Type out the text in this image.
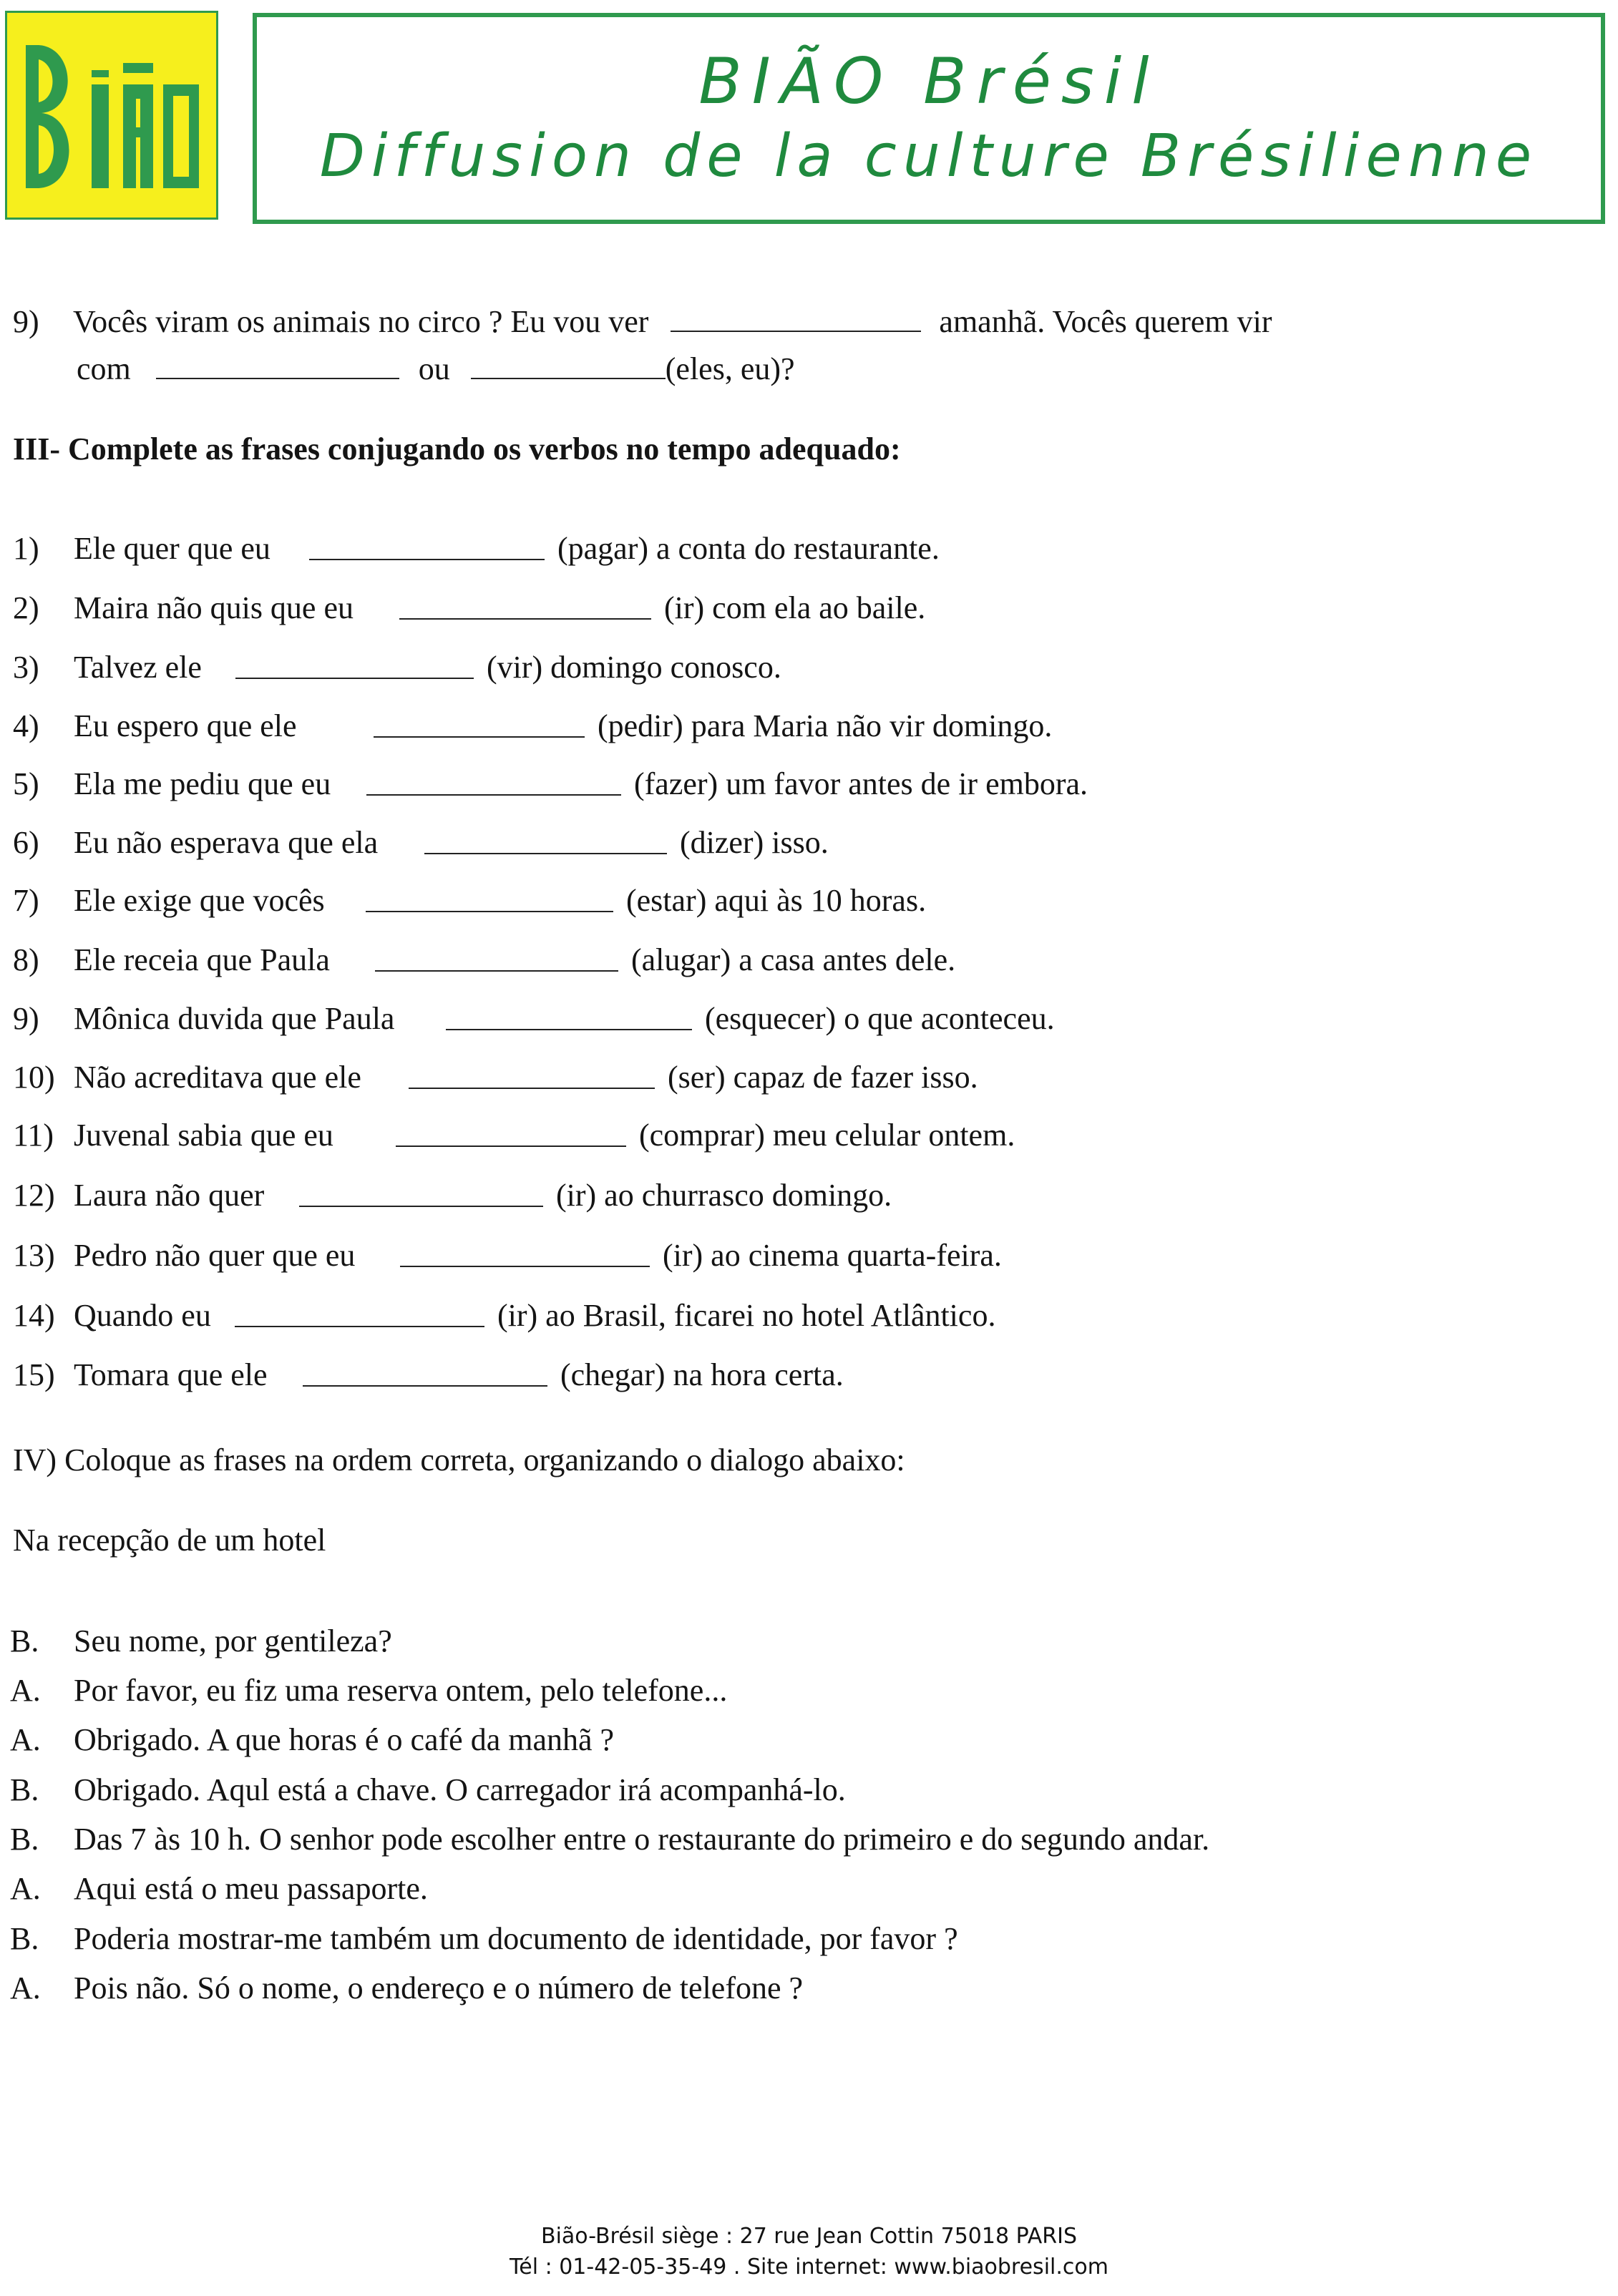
BIÃO Brésil
Diffusion de la culture Brésilienne
9) Vocês viram os animais no circo ? Eu vou ver	amanhã. Vocês querem vir
com	ou	(eles, eu)?
III- Complete as frases conjugando os verbos no tempo adequado:
1) Ele quer que eu	(pagar) a conta do restaurante.
2) Maira não quis que eu	(ir) com ela ao baile.
3) Talvez ele	(vir) domingo conosco.
4) Eu espero que ele	(pedir) para Maria não vir domingo.
5) Ela me pediu que eu	(fazer) um favor antes de ir embora.
6) Eu não esperava que ela	(dizer) isso.
7) Ele exige que vocês	(estar) aqui às 10 horas.
8) Ele receia que Paula	(alugar) a casa antes dele.
9) Mônica duvida que Paula	(esquecer) o que aconteceu.
10) Não acreditava que ele	(ser) capaz de fazer isso.
11) Juvenal sabia que eu	(comprar) meu celular ontem.
12) Laura não quer	(ir) ao churrasco domingo.
13) Pedro não quer que eu	(ir) ao cinema quarta-feira.
14) Quando eu	(ir) ao Brasil, ficarei no hotel Atlântico.
15) Tomara que ele	(chegar) na hora certa.
IV) Coloque as frases na ordem correta, organizando o dialogo abaixo:
Na recepção de um hotel
B. Seu nome, por gentileza?
A. Por favor, eu fiz uma reserva ontem, pelo telefone...
A. Obrigado. A que horas é o café da manhã ?
B. Obrigado. Aqul está a chave. O carregador irá acompanhá-lo.
B. Das 7 às 10 h. O senhor pode escolher entre o restaurante do primeiro e do segundo andar.
A. Aqui está o meu passaporte.
B. Poderia mostrar-me também um documento de identidade, por favor ?
A. Pois não. Só o nome, o endereço e o número de telefone ?
Bião-Brésil siège : 27 rue Jean Cottin 75018 PARIS
Tél : 01-42-05-35-49 . Site internet: www.biaobresil.com
